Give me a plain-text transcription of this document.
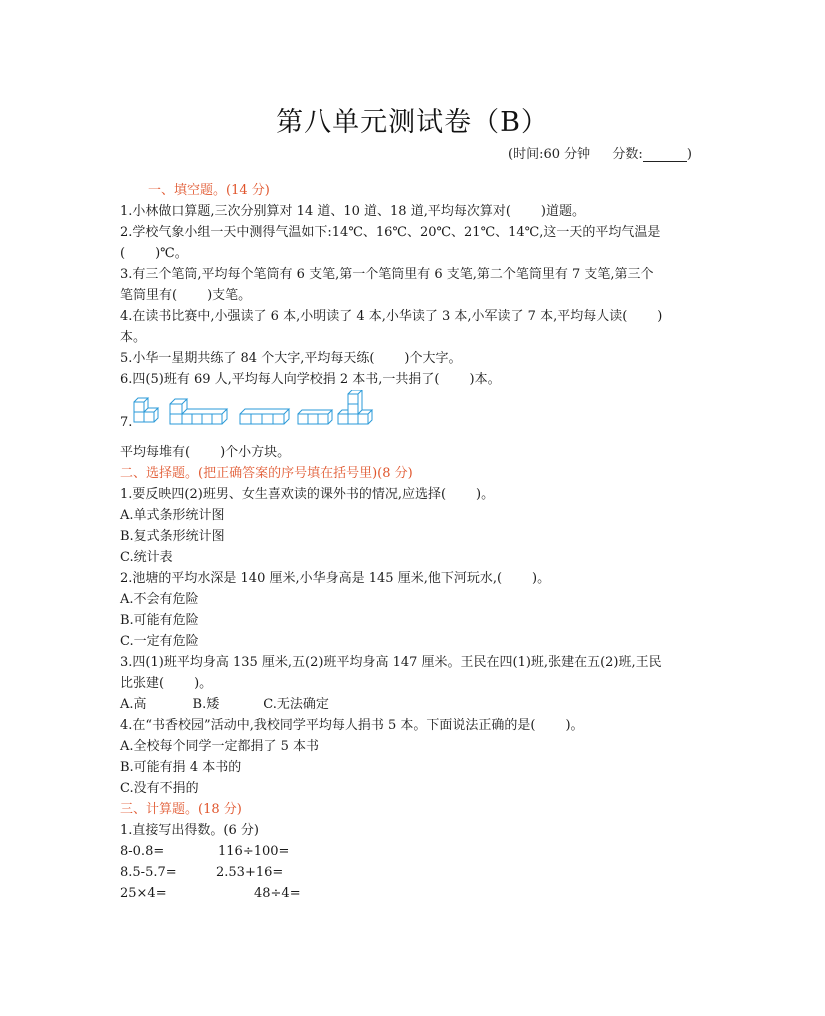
第八单元测试卷（B）
(时间:60 分钟 分数:	)
一、填空题。(14 分)
1.小林做口算题,三次分别算对 14 道、10 道、18 道,平均每次算对( )道题。
2.学校气象小组一天中测得气温如下:14℃、16℃、20℃、21℃、14℃,这一天的平均气温是
( )℃。
3.有三个笔筒,平均每个笔筒有 6 支笔,第一个笔筒里有 6 支笔,第二个笔筒里有 7 支笔,第三个
笔筒里有( )支笔。
4.在读书比赛中,小强读了 6 本,小明读了 4 本,小华读了 3 本,小军读了 7 本,平均每人读( )
本。
5.小华一星期共练了 84 个大字,平均每天练( )个大字。
6.四(5)班有 69 人,平均每人向学校捐 2 本书,一共捐了( )本。
7.
平均每堆有( )个小方块。
二、选择题。(把正确答案的序号填在括号里)(8 分)
1.要反映四(2)班男、女生喜欢读的课外书的情况,应选择( )。
A.单式条形统计图
B.复式条形统计图
C.统计表
2.池塘的平均水深是 140 厘米,小华身高是 145 厘米,他下河玩水,( )。
A.不会有危险
B.可能有危险
C.一定有危险
3.四(1)班平均身高 135 厘米,五(2)班平均身高 147 厘米。王民在四(1)班,张建在五(2)班,王民
比张建( )。
A.高	B.矮	C.无法确定
4.在“书香校园”活动中,我校同学平均每人捐书 5 本。下面说法正确的是( )。
A.全校每个同学一定都捐了 5 本书
B.可能有捐 4 本书的
C.没有不捐的
三、计算题。(18 分)
1.直接写出得数。(6 分)
8-0.8=	116÷100=
8.5-5.7=	2.53+16=
25×4=	48÷4=
